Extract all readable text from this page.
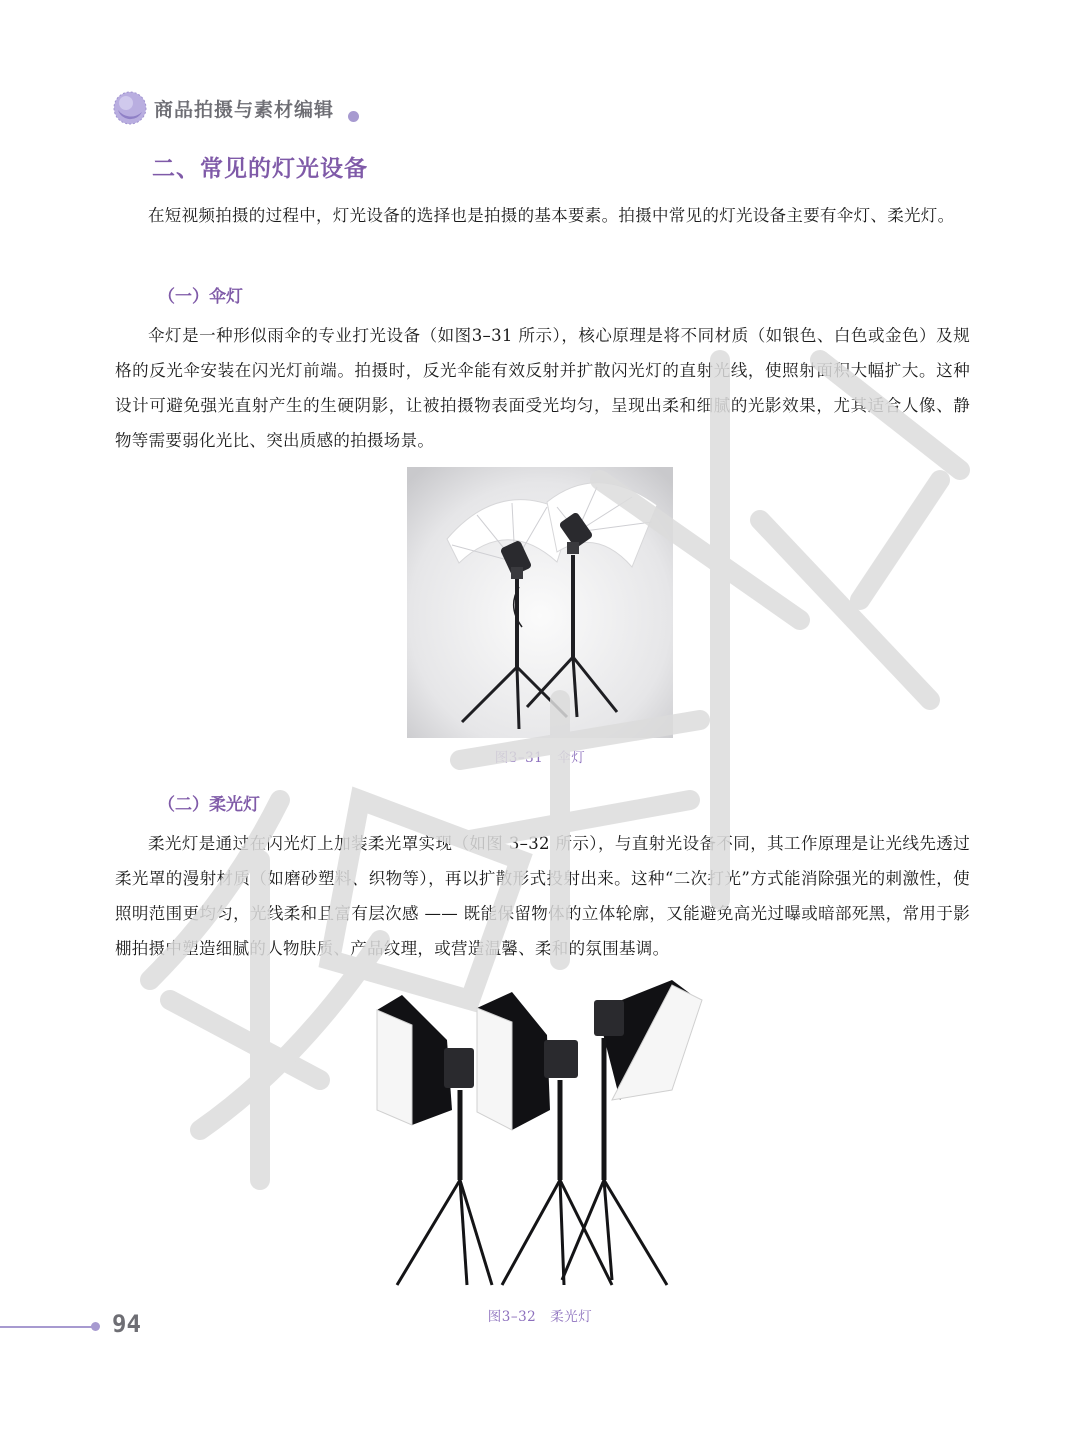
商品拍摄与素材编辑
二、常见的灯光设备

在短视频拍摄的过程中，灯光设备的选择也是拍摄的基本要素。拍摄中常见的灯光设备主要有伞灯、柔光灯。

（一）伞灯

伞灯是一种形似雨伞的专业打光设备（如图3–31 所示），核心原理是将不同材质（如银色、白色或金色）及规格的反光伞安装在闪光灯前端。拍摄时，反光伞能有效反射并扩散闪光灯的直射光线，使照射面积大幅扩大。这种设计可避免强光直射产生的生硬阴影，让被拍摄物表面受光均匀，呈现出柔和细腻的光影效果，尤其适合人像、静物等需要弱化光比、突出质感的拍摄场景。

图3–31　伞灯
（二）柔光灯

柔光灯是通过在闪光灯上加装柔光罩实现（如图 3–32 所示），与直射光设备不同，其工作原理是让光线先透过柔光罩的漫射材质（如磨砂塑料、织物等），再以扩散形式投射出来。这种“二次打光”方式能消除强光的刺激性，使照明范围更均匀，光线柔和且富有层次感 —— 既能保留物体的立体轮廓，又能避免高光过曝或暗部死黑，常用于影棚拍摄中塑造细腻的人物肤质、产品纹理，或营造温馨、柔和的氛围基调。

图3–32　柔光灯
94
